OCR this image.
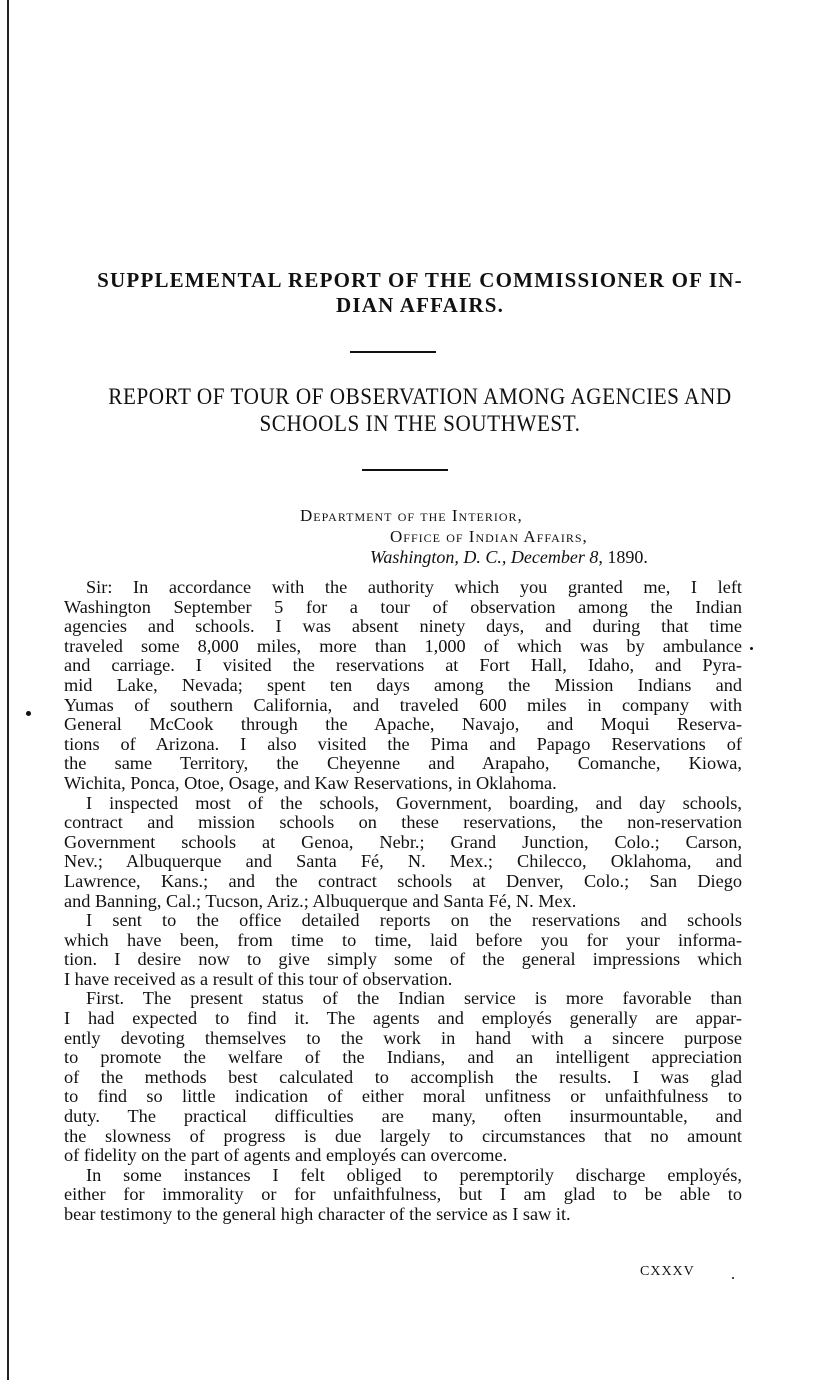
SUPPLEMENTAL REPORT OF THE COMMISSIONER OF IN-
DIAN AFFAIRS.
REPORT OF TOUR OF OBSERVATION AMONG AGENCIES AND
SCHOOLS IN THE SOUTHWEST.
Department of the Interior,
Office of Indian Affairs,
Washington, D. C., December 8, 1890.

Sir: In accordance with the authority which you granted me, I left
Washington September 5 for a tour of observation among the Indian
agencies and schools. I was absent ninety days, and during that time
traveled some 8,000 miles, more than 1,000 of which was by ambulance
and carriage. I visited the reservations at Fort Hall, Idaho, and Pyra-
mid Lake, Nevada; spent ten days among the Mission Indians and
Yumas of southern California, and traveled 600 miles in company with
General McCook through the Apache, Navajo, and Moqui Reserva-
tions of Arizona. I also visited the Pima and Papago Reservations of
the same Territory, the Cheyenne and Arapaho, Comanche, Kiowa,
Wichita, Ponca, Otoe, Osage, and Kaw Reservations, in Oklahoma.

I inspected most of the schools, Government, boarding, and day schools,
contract and mission schools on these reservations, the non-reservation
Government schools at Genoa, Nebr.; Grand Junction, Colo.; Carson,
Nev.; Albuquerque and Santa Fé, N. Mex.; Chilecco, Oklahoma, and
Lawrence, Kans.; and the contract schools at Denver, Colo.; San Diego
and Banning, Cal.; Tucson, Ariz.; Albuquerque and Santa Fé, N. Mex.

I sent to the office detailed reports on the reservations and schools
which have been, from time to time, laid before you for your informa-
tion. I desire now to give simply some of the general impressions which
I have received as a result of this tour of observation.

First. The present status of the Indian service is more favorable than
I had expected to find it. The agents and employés generally are appar-
ently devoting themselves to the work in hand with a sincere purpose
to promote the welfare of the Indians, and an intelligent appreciation
of the methods best calculated to accomplish the results. I was glad
to find so little indication of either moral unfitness or unfaithfulness to
duty. The practical difficulties are many, often insurmountable, and
the slowness of progress is due largely to circumstances that no amount
of fidelity on the part of agents and employés can overcome.

In some instances I felt obliged to peremptorily discharge employés,
either for immorality or for unfaithfulness, but I am glad to be able to
bear testimony to the general high character of the service as I saw it.

CXXXV
